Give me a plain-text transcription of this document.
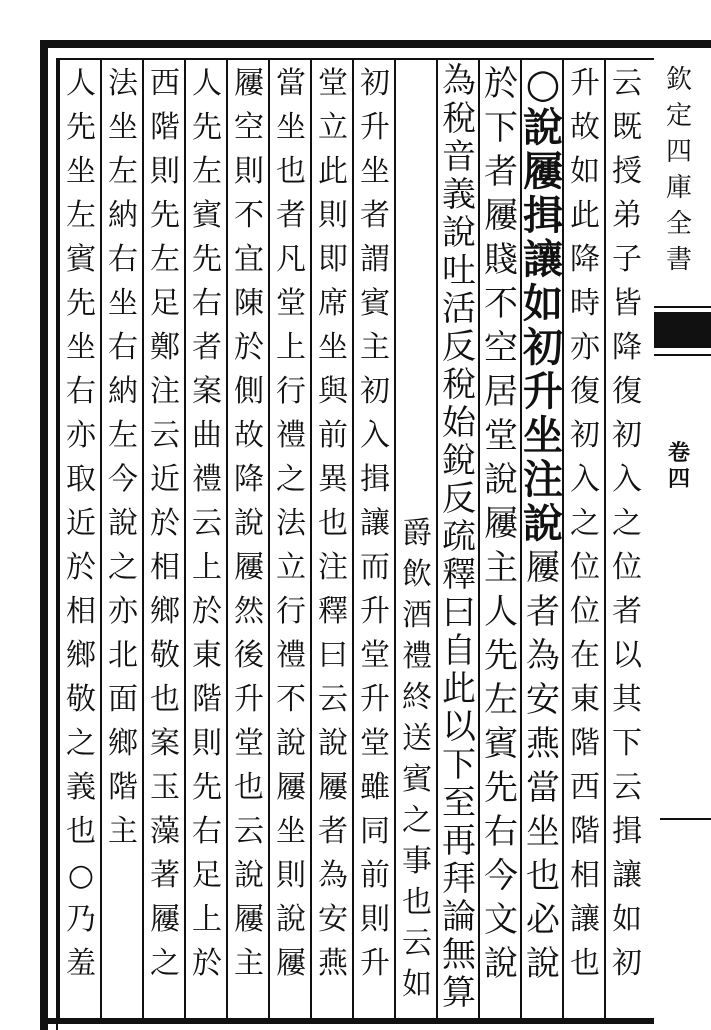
欽
定
四
庫
全
書
卷
四
云
既
授
弟
子
皆
降
復
初
入
之
位
者
以
其
下
云
揖
讓
如
初
升
故
如
此
降
時
亦
復
初
入
之
位
位
在
東
階
西
階
相
讓
也
○
說
屨
揖
讓
如
初
升
坐
注
說
屨
者
為
安
燕
當
坐
也
必
說
於
下
者
屨
賤
不
空
居
堂
說
屨
主
人
先
左
賓
先
右
今
文
說
為
稅
音
義
說
吐
活
反
稅
始
銳
反
疏
釋
曰
自
此
以
下
至
再
拜
論
無
算
爵
飲
酒
禮
終
送
賓
之
事
也
云
如
初
升
坐
者
謂
賓
主
初
入
揖
讓
而
升
堂
升
堂
雖
同
前
則
升
堂
立
此
則
即
席
坐
與
前
異
也
注
釋
曰
云
說
屨
者
為
安
燕
當
坐
也
者
凡
堂
上
行
禮
之
法
立
行
禮
不
說
屨
坐
則
說
屨
屨
空
則
不
宜
陳
於
側
故
降
說
屨
然
後
升
堂
也
云
說
屨
主
人
先
左
賓
先
右
者
案
曲
禮
云
上
於
東
階
則
先
右
足
上
於
西
階
則
先
左
足
鄭
注
云
近
於
相
鄉
敬
也
案
玉
藻
著
屨
之
法
坐
左
納
右
坐
右
納
左
今
說
之
亦
北
面
鄉
階
主
人
先
坐
左
賓
先
坐
右
亦
取
近
於
相
鄉
敬
之
義
也
○
乃
羞
